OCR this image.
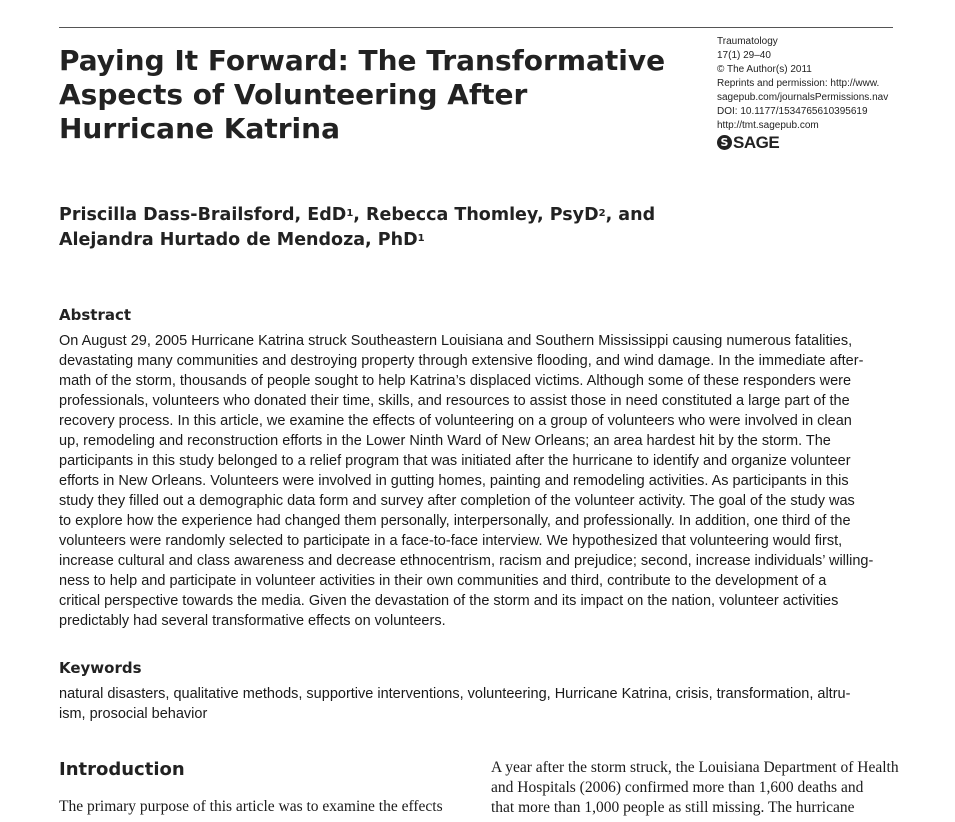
Paying It Forward: The Transformative
Aspects of Volunteering After
Hurricane Katrina
Traumatology
17(1) 29–40
© The Author(s) 2011
Reprints and permission: http://www.
sagepub.com/journalsPermissions.nav
DOI: 10.1177/1534765610395619
http://tmt.sagepub.com
S SAGE
Priscilla Dass-Brailsford, EdD$^1$, Rebecca Thomley, PsyD$^2$, and
Alejandra Hurtado de Mendoza, PhD$^1$
Abstract
On August 29, 2005 Hurricane Katrina struck Southeastern Louisiana and Southern Mississippi causing numerous fatalities,
devastating many communities and destroying property through extensive flooding, and wind damage. In the immediate after-
math of the storm, thousands of people sought to help Katrina’s displaced victims. Although some of these responders were
professionals, volunteers who donated their time, skills, and resources to assist those in need constituted a large part of the
recovery process. In this article, we examine the effects of volunteering on a group of volunteers who were involved in clean
up, remodeling and reconstruction efforts in the Lower Ninth Ward of New Orleans; an area hardest hit by the storm. The
participants in this study belonged to a relief program that was initiated after the hurricane to identify and organize volunteer
efforts in New Orleans. Volunteers were involved in gutting homes, painting and remodeling activities. As participants in this
study they filled out a demographic data form and survey after completion of the volunteer activity. The goal of the study was
to explore how the experience had changed them personally, interpersonally, and professionally. In addition, one third of the
volunteers were randomly selected to participate in a face-to-face interview. We hypothesized that volunteering would first,
increase cultural and class awareness and decrease ethnocentrism, racism and prejudice; second, increase individuals’ willing-
ness to help and participate in volunteer activities in their own communities and third, contribute to the development of a
critical perspective towards the media. Given the devastation of the storm and its impact on the nation, volunteer activities
predictably had several transformative effects on volunteers.
Keywords
natural disasters, qualitative methods, supportive interventions, volunteering, Hurricane Katrina, crisis, transformation, altru-
ism, prosocial behavior
Introduction
The primary purpose of this article was to examine the effects
A year after the storm struck, the Louisiana Department of Health
and Hospitals (2006) confirmed more than 1,600 deaths and
that more than 1,000 people as still missing. The hurricane
